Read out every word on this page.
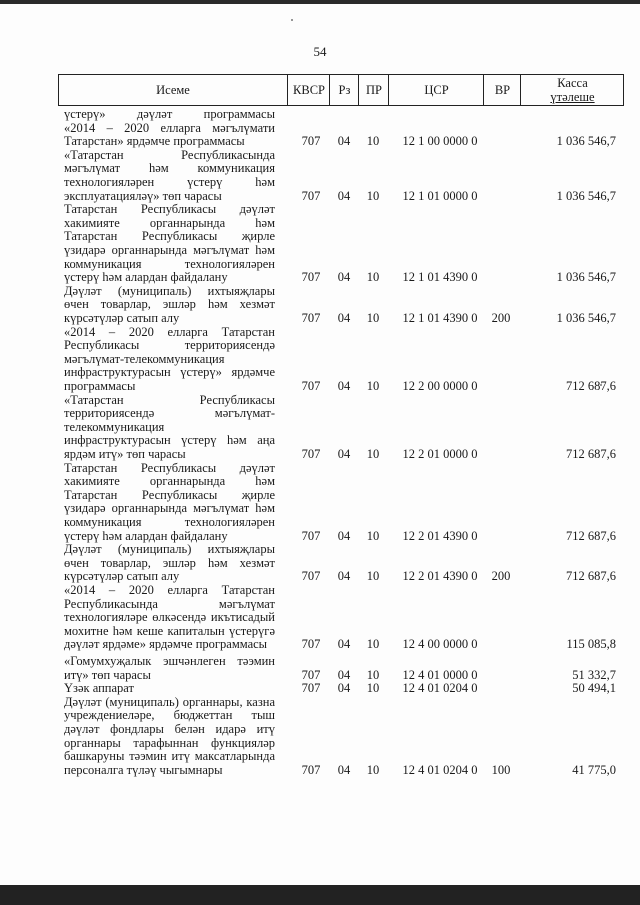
54
Исеме	КВСР	Рз	ПР	ЦСР	ВР	Касса
үтәлеше
үстерү» дәүләт программасы
«2014 – 2020 елларга мәгълүмати
Татарстан» ярдәмче программасы	707	04 10	12 1 00 0000 0	1 036 546,7
«Татарстан Республикасында
мәгълүмат һәм коммуникация
технологияләрен үстерү һәм
эксплуатацияләү» төп чарасы	707	04 10	12 1 01 0000 0	1 036 546,7
Татарстан Республикасы дәүләт
хакимияте органнарында һәм
Татарстан Республикасы җирле
үзидарә органнарында мәгълүмат һәм
коммуникация технологияләрен
үстерү һәм алардан файдалану	707	04 10	12 1 01 4390 0	1 036 546,7
Дәүләт (муниципаль) ихтыяҗлары
өчен товарлар, эшләр һәм хезмәт
күрсәтүләр сатып алу	707	04 10	12 1 01 4390 0	200	1 036 546,7
«2014 – 2020 елларга Татарстан
Республикасы территориясендә
мәгълүмат-телекоммуникация
инфраструктурасын үстерү» ярдәмче
программасы	707	04 10	12 2 00 0000 0	712 687,6
«Татарстан Республикасы
территориясендә мәгълүмат-
телекоммуникация
инфраструктурасын үстерү һәм аңа
ярдәм итү» төп чарасы	707	04 10	12 2 01 0000 0	712 687,6
Татарстан Республикасы дәүләт
хакимияте органнарында һәм
Татарстан Республикасы җирле
үзидарә органнарында мәгълүмат һәм
коммуникация технологияләрен
үстерү һәм алардан файдалану	707	04 10	12 2 01 4390 0	712 687,6
Дәүләт (муниципаль) ихтыяҗлары
өчен товарлар, эшләр һәм хезмәт
күрсәтүләр сатып алу	707	04 10	12 2 01 4390 0	200	712 687,6
«2014 – 2020 елларга Татарстан
Республикасында мәгълүмат
технологияләре өлкәсендә икътисадый
мохитне һәм кеше капиталын үстерүгә
дәүләт ярдәме» ярдәмче программасы	707	04 10	12 4 00 0000 0	115 085,8
«Гомумхуҗалык эшчәнлеген тәэмин
итү» төп чарасы	707	04 10	12 4 01 0000 0	51 332,7
Үзәк аппарат	707	04 10	12 4 01 0204 0	50 494,1
Дәүләт (муниципаль) органнары, казна
учреждениеләре, бюджеттан тыш
дәүләт фондлары белән идарә итү
органнары тарафыннан функцияләр
башкаруны тәэмин итү максатларында
персоналга түләү чыгымнары	707	04 10	12 4 01 0204 0	100	41 775,0
